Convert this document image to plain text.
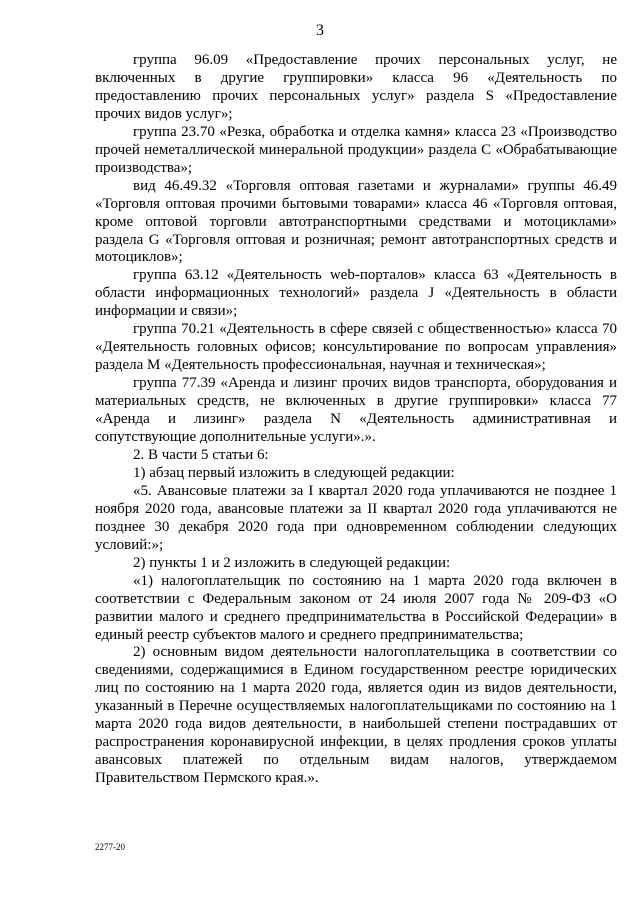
3

группа 96.09 «Предоставление прочих персональных услуг, не включенных в другие группировки» класса 96 «Деятельность по предоставлению прочих персональных услуг» раздела S «Предоставление прочих видов услуг»;

группа 23.70 «Резка, обработка и отделка камня» класса 23 «Производство прочей неметаллической минеральной продукции» раздела С «Обрабатывающие производства»;

вид 46.49.32 «Торговля оптовая газетами и журналами» группы 46.49 «Торговля оптовая прочими бытовыми товарами» класса 46 «Торговля оптовая, кроме оптовой торговли автотранспортными средствами и мотоциклами» раздела G «Торговля оптовая и розничная; ремонт автотранспортных средств и мотоциклов»;

группа 63.12 «Деятельность web-порталов» класса 63 «Деятельность в области информационных технологий» раздела J «Деятельность в области информации и связи»;

группа 70.21 «Деятельность в сфере связей с общественностью» класса 70 «Деятельность головных офисов; консультирование по вопросам управления» раздела М «Деятельность профессиональная, научная и техническая»;

группа 77.39 «Аренда и лизинг прочих видов транспорта, оборудования и материальных средств, не включенных в другие группировки» класса 77 «Аренда и лизинг» раздела N «Деятельность административная и сопутствующие дополнительные услуги».».

2. В части 5 статьи 6:

1) абзац первый изложить в следующей редакции:

«5. Авансовые платежи за I квартал 2020 года уплачиваются не позднее 1 ноября 2020 года, авансовые платежи за II квартал 2020 года уплачиваются не позднее 30 декабря 2020 года при одновременном соблюдении следующих условий:»;

2) пункты 1 и 2 изложить в следующей редакции:

«1) налогоплательщик по состоянию на 1 марта 2020 года включен в соответствии с Федеральным законом от 24 июля 2007 года № 209-ФЗ «О развитии малого и среднего предпринимательства в Российской Федерации» в единый реестр субъектов малого и среднего предпринимательства;

2) основным видом деятельности налогоплательщика в соответствии со сведениями, содержащимися в Едином государственном реестре юридических лиц по состоянию на 1 марта 2020 года, является один из видов деятельности, указанный в Перечне осуществляемых налогоплательщиками по состоянию на 1 марта 2020 года видов деятельности, в наибольшей степени пострадавших от распространения коронавирусной инфекции, в целях продления сроков уплаты авансовых платежей по отдельным видам налогов, утверждаемом Правительством Пермского края.».

2277-20
